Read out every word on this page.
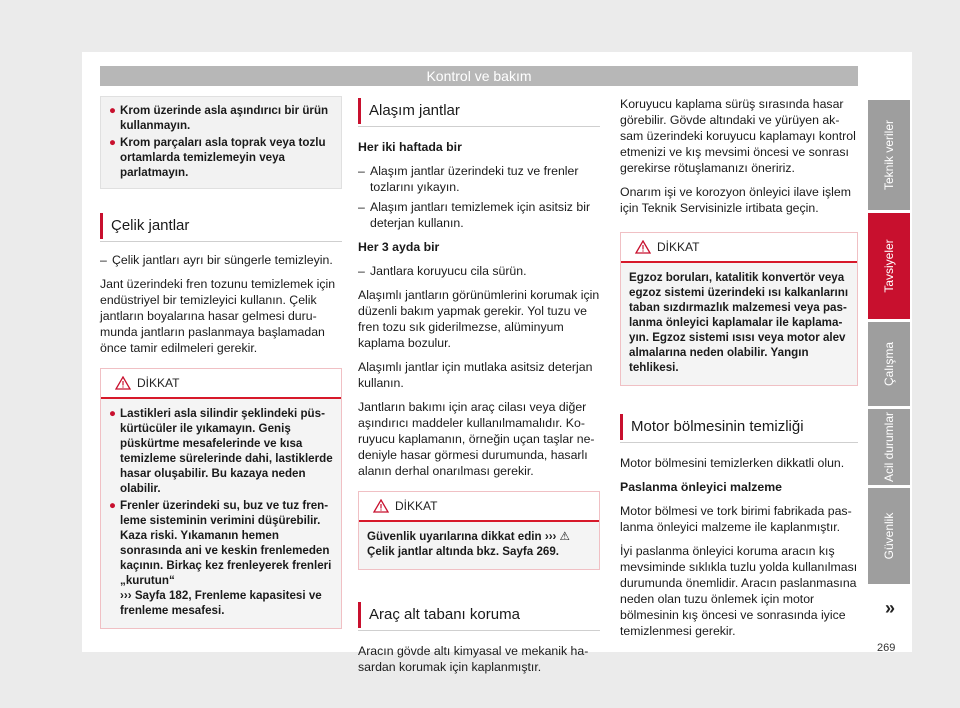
Kontrol ve bakım
● Krom üzerinde asla aşındırıcı bir ürün kullanmayın.
● Krom parçaları asla toprak veya tozlu ortamlarda temizlemeyin veya parlatmayın.
Çelik jantlar

– Çelik jantları ayrı bir süngerle temizleyin.

Jant üzerindeki fren tozunu temizlemek için endüstriyel bir temizleyici kullanın. Çelik jantların boyalarına hasar gelmesi durumunda jantların paslanmaya başlamadan önce tamir edilmeleri gerekir.

DİKKAT
● Lastikleri asla silindir şeklindeki püskürtücüler ile yıkamayın. Geniş püskürtme mesafelerinde ve kısa temizleme sürelerinde dahi, lastiklerde hasar oluşabilir. Bu kazaya neden olabilir.
● Frenler üzerindeki su, buz ve tuz frenleme sisteminin verimini düşürebilir. Kaza riski. Yıkamanın hemen sonrasında ani ve keskin frenlemeden kaçının. Birkaç kez frenleyerek frenleri „kurutun“
››› Sayfa 182, Frenleme kapasitesi ve frenleme mesafesi.
Alaşım jantlar

Her iki haftada bir

– Alaşım jantlar üzerindeki tuz ve frenler tozlarını yıkayın.

– Alaşım jantları temizlemek için asitsiz bir deterjan kullanın.

Her 3 ayda bir

– Jantlara koruyucu cila sürün.

Alaşımlı jantların görünümlerini korumak için düzenli bakım yapmak gerekir. Yol tuzu ve fren tozu sık giderilmezse, alüminyum kaplama bozulur.

Alaşımlı jantlar için mutlaka asitsiz deterjan kullanın.

Jantların bakımı için araç cilası veya diğer aşındırıcı maddeler kullanılmamalıdır. Koruyucu kaplamanın, örneğin uçan taşlar nedeniyle hasar görmesi durumunda, hasarlı alanın derhal onarılması gerekir.

DİKKAT
Güvenlik uyarılarına dikkat edin ››› ⚠ Çelik jantlar altında bkz. Sayfa 269.
Araç alt tabanı koruma

Aracın gövde altı kimyasal ve mekanik hasardan korumak için kaplanmıştır.

Koruyucu kaplama sürüş sırasında hasar görebilir. Gövde altındaki ve yürüyen aksam üzerindeki koruyucu kaplamayı kontrol etmenizi ve kış mevsimi öncesi ve sonrası gerekirse rötuşlamanızı öneririz.

Onarım işi ve korozyon önleyici ilave işlem için Teknik Servisinizle irtibata geçin.

DİKKAT
Egzoz boruları, katalitik konvertör veya egzoz sistemi üzerindeki ısı kalkanlarını taban sızdırmazlık malzemesi veya paslanma önleyici kaplamalar ile kaplamayın. Egzoz sistemi ısısı veya motor alev almalarına neden olabilir. Yangın tehlikesi.
Motor bölmesinin temizliği

Motor bölmesini temizlerken dikkatli olun.

Paslanma önleyici malzeme

Motor bölmesi ve tork birimi fabrikada paslanma önleyici malzeme ile kaplanmıştır.

İyi paslanma önleyici koruma aracın kış mevsiminde sıklıkla tuzlu yolda kullanılması durumunda önemlidir. Aracın paslanmasına neden olan tuzu önlemek için motor bölmesinin kış öncesi ve sonrasında iyice temizlenmesi gerekir.

Teknik veriler
Tavsiyeler
Çalışma
Acil durumlar
Güvenlik
»
269
